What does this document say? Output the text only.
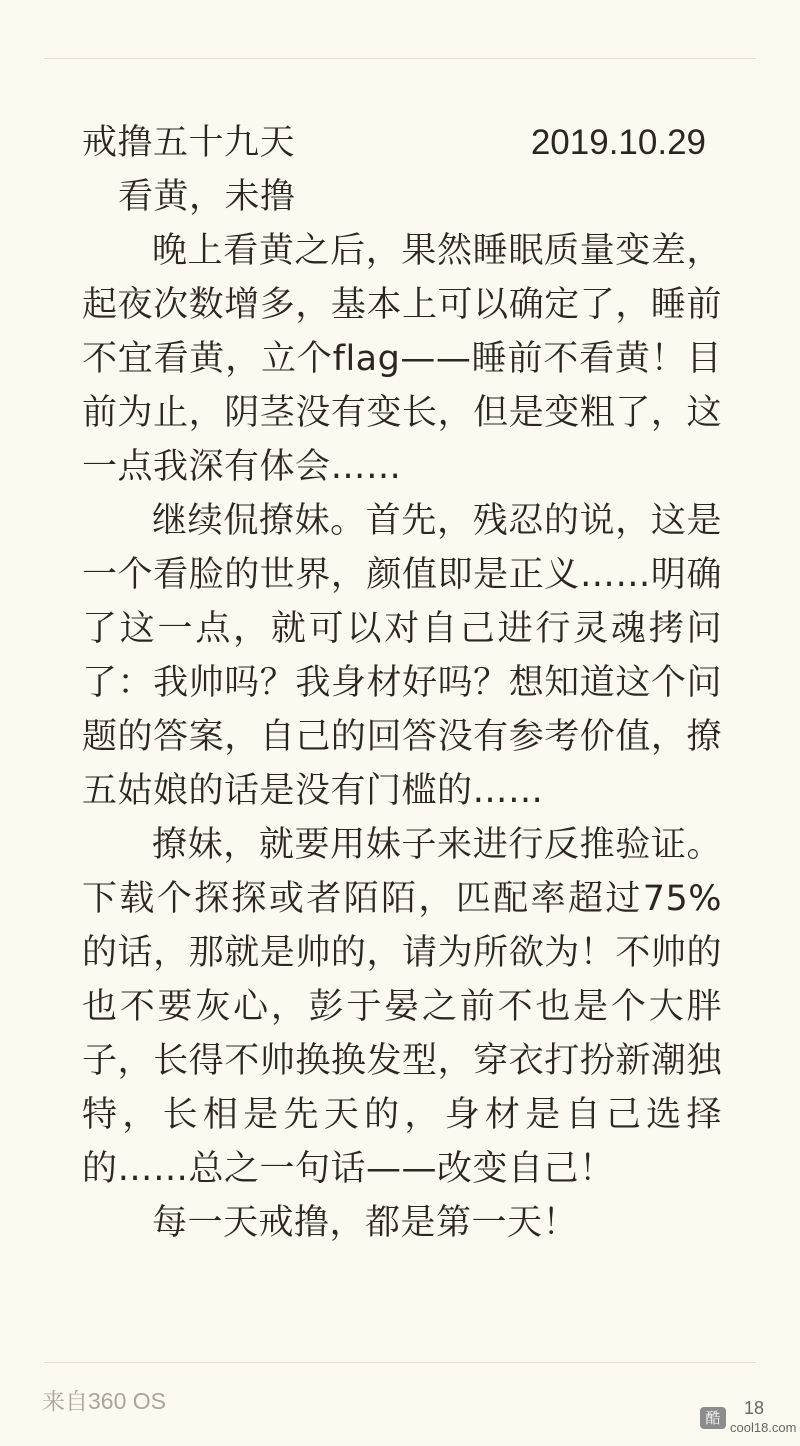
戒撸五十九天	2019.10.29
看黄，未撸

晚上看黄之后，果然睡眠质量变差，起夜次数增多，基本上可以确定了，睡前不宜看黄，立个flag——睡前不看黄！目前为止，阴茎没有变长，但是变粗了，这一点我深有体会……

继续侃撩妹。首先，残忍的说，这是一个看脸的世界，颜值即是正义……明确了这一点，就可以对自己进行灵魂拷问了：我帅吗？我身材好吗？想知道这个问题的答案，自己的回答没有参考价值，撩五姑娘的话是没有门槛的……

撩妹，就要用妹子来进行反推验证。下载个探探或者陌陌，匹配率超过75%的话，那就是帅的，请为所欲为！不帅的也不要灰心，彭于晏之前不也是个大胖子，长得不帅换换发型，穿衣打扮新潮独特，长相是先天的，身材是自己选择的……总之一句话——改变自己！

每一天戒撸，都是第一天！

来自360 OS
酷	18
cool18.com
